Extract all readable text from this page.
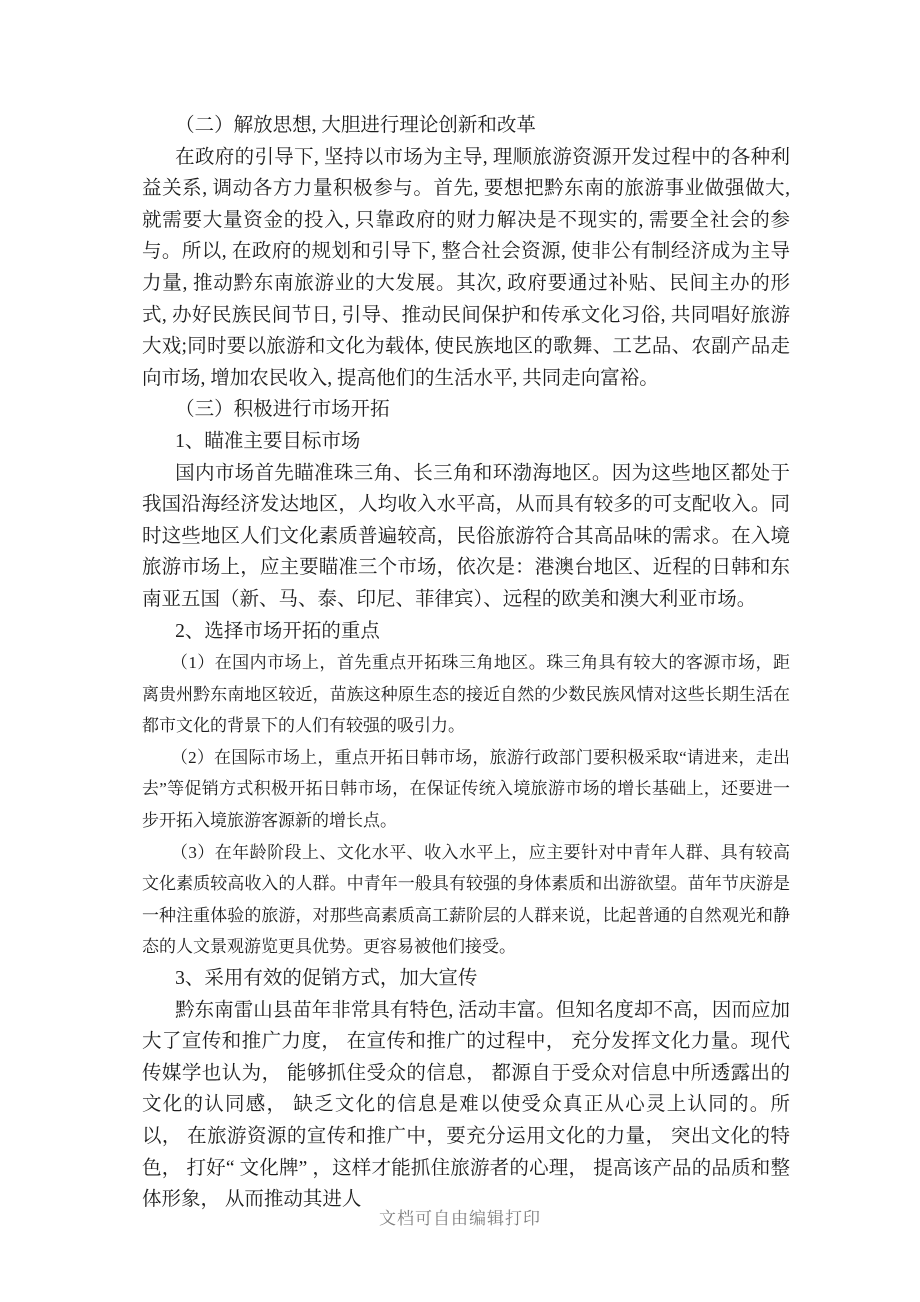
（二）解放思想, 大胆进行理论创新和改革

在政府的引导下, 坚持以市场为主导, 理顺旅游资源开发过程中的各种利益关系, 调动各方力量积极参与。首先, 要想把黔东南的旅游事业做强做大, 就需要大量资金的投入, 只靠政府的财力解决是不现实的, 需要全社会的参与。所以, 在政府的规划和引导下, 整合社会资源, 使非公有制经济成为主导力量, 推动黔东南旅游业的大发展。其次, 政府要通过补贴、民间主办的形式, 办好民族民间节日, 引导、推动民间保护和传承文化习俗, 共同唱好旅游大戏;同时要以旅游和文化为载体, 使民族地区的歌舞、工艺品、农副产品走向市场, 增加农民收入, 提高他们的生活水平, 共同走向富裕。

（三）积极进行市场开拓

1、瞄准主要目标市场

国内市场首先瞄准珠三角、长三角和环渤海地区。因为这些地区都处于我国沿海经济发达地区，人均收入水平高，从而具有较多的可支配收入。同时这些地区人们文化素质普遍较高，民俗旅游符合其高品味的需求。在入境旅游市场上，应主要瞄准三个市场，依次是：港澳台地区、近程的日韩和东南亚五国（新、马、泰、印尼、菲律宾）、远程的欧美和澳大利亚市场。

2、选择市场开拓的重点

（1）在国内市场上，首先重点开拓珠三角地区。珠三角具有较大的客源市场，距离贵州黔东南地区较近，苗族这种原生态的接近自然的少数民族风情对这些长期生活在都市文化的背景下的人们有较强的吸引力。

（2）在国际市场上，重点开拓日韩市场，旅游行政部门要积极采取“请进来，走出去”等促销方式积极开拓日韩市场，在保证传统入境旅游市场的增长基础上，还要进一步开拓入境旅游客源新的增长点。

（3）在年龄阶段上、文化水平、收入水平上，应主要针对中青年人群、具有较高文化素质较高收入的人群。中青年一般具有较强的身体素质和出游欲望。苗年节庆游是一种注重体验的旅游，对那些高素质高工薪阶层的人群来说，比起普通的自然观光和静态的人文景观游览更具优势。更容易被他们接受。

3、采用有效的促销方式，加大宣传

黔东南雷山县苗年非常具有特色, 活动丰富。但知名度却不高，因而应加大了宣传和推广力度， 在宣传和推广的过程中， 充分发挥文化力量。现代传媒学也认为， 能够抓住受众的信息， 都源自于受众对信息中所透露出的文化的认同感， 缺乏文化的信息是难以使受众真正从心灵上认同的。所以， 在旅游资源的宣传和推广中，要充分运用文化的力量， 突出文化的特色， 打好“ 文化牌” ，这样才能抓住旅游者的心理， 提高该产品的品质和整体形象， 从而推动其进人

文档可自由编辑打印
